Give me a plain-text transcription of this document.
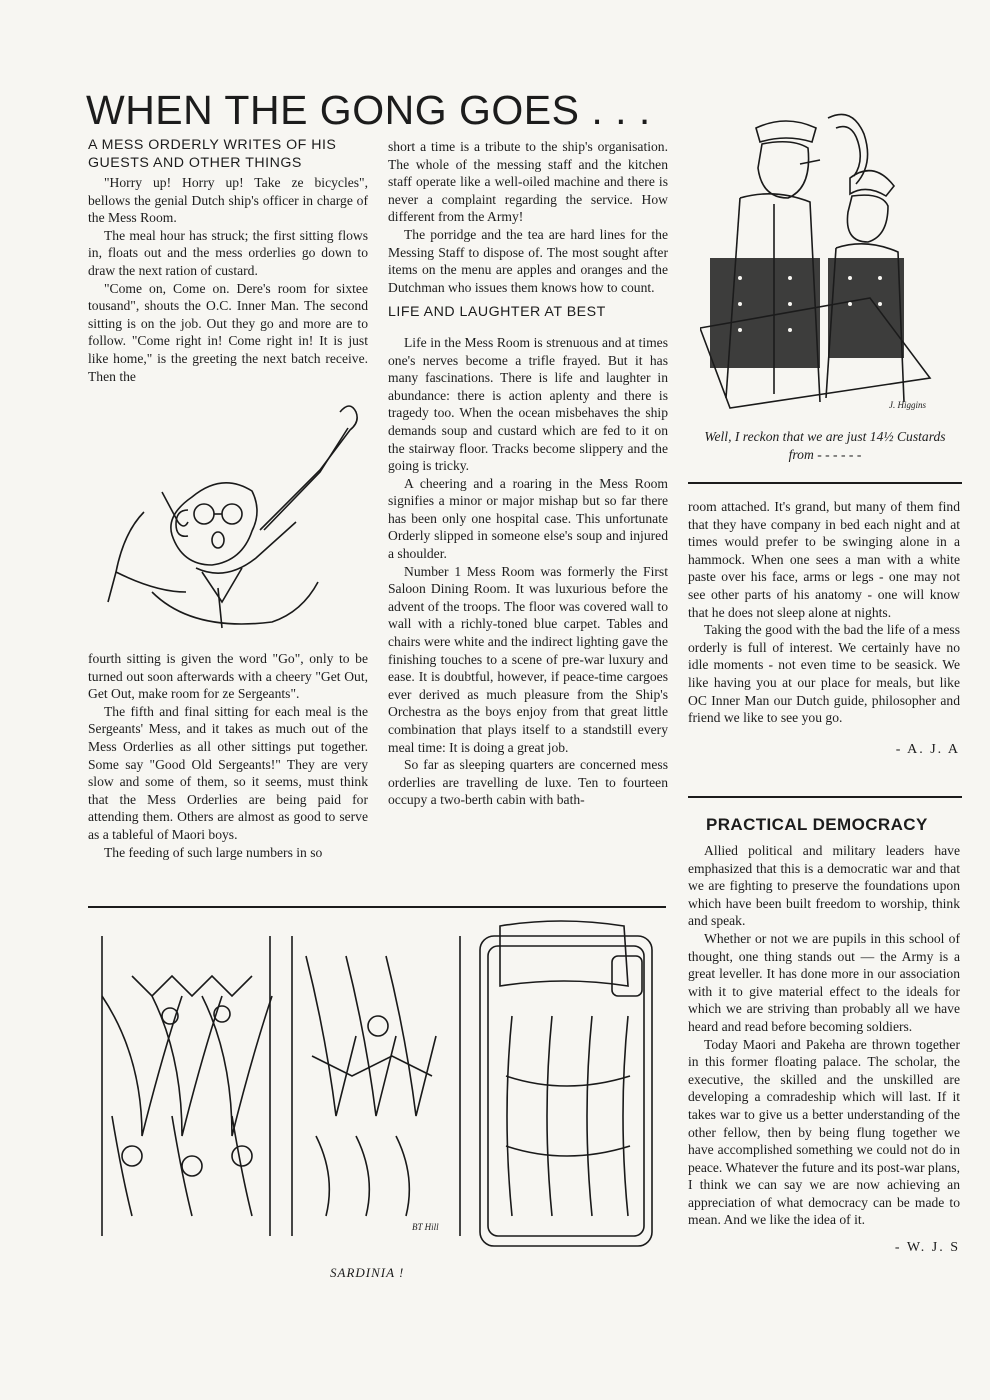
WHEN THE GONG GOES . . .
A MESS ORDERLY WRITES OF HIS GUESTS AND OTHER THINGS

"Horry up! Horry up! Take ze bicycles", bellows the genial Dutch ship's officer in charge of the Mess Room.

The meal hour has struck; the first sitting flows in, floats out and the mess orderlies go down to draw the next ration of custard.

"Come on, Come on. Dere's room for sixtee tousand", shouts the O.C. Inner Man. The second sitting is on the job. Out they go and more are to follow. "Come right in! Come right in! It is just like home," is the greeting the next batch receive. Then the

fourth sitting is given the word "Go", only to be turned out soon afterwards with a cheery "Get Out, Get Out, make room for ze Sergeants".

The fifth and final sitting for each meal is the Sergeants' Mess, and it takes as much out of the Mess Orderlies as all other sittings put together. Some say "Good Old Sergeants!" They are very slow and some of them, so it seems, must think that the Mess Orderlies are being paid for attending them. Others are almost as good to serve as a tableful of Maori boys.

The feeding of such large numbers in so

short a time is a tribute to the ship's organisation. The whole of the messing staff and the kitchen staff operate like a well-oiled machine and there is never a complaint regarding the service. How different from the Army!

The porridge and the tea are hard lines for the Messing Staff to dispose of. The most sought after items on the menu are apples and oranges and the Dutchman who issues them knows how to count.

LIFE AND LAUGHTER AT BEST

Life in the Mess Room is strenuous and at times one's nerves become a trifle frayed. But it has many fascinations. There is life and laughter in abundance: there is action aplenty and there is tragedy too. When the ocean misbehaves the ship demands soup and custard which are fed to it on the stairway floor. Tracks become slippery and the going is tricky.

A cheering and a roaring in the Mess Room signifies a minor or major mishap but so far there has been only one hospital case. This unfortunate Orderly slipped in someone else's soup and injured a shoulder.

Number 1 Mess Room was formerly the First Saloon Dining Room. It was luxurious before the advent of the troops. The floor was covered wall to wall with a richly-toned blue carpet. Tables and chairs were white and the indirect lighting gave the finishing touches to a scene of pre-war luxury and ease. It is doubtful, however, if peace-time cargoes ever derived as much pleasure from the Ship's Orchestra as the boys enjoy from that great little combination that plays itself to a standstill every meal time: It is doing a great job.

So far as sleeping quarters are concerned mess orderlies are travelling de luxe. Ten to fourteen occupy a two-berth cabin with bath-

J. Higgins
Well, I reckon that we are just 14½ Custards from - - - - - -

room attached. It's grand, but many of them find that they have company in bed each night and at times would prefer to be swinging alone in a hammock. When one sees a man with a white paste over his face, arms or legs - one may not see other parts of his anatomy - one will know that he does not sleep alone at nights.

Taking the good with the bad the life of a mess orderly is full of interest. We certainly have no idle moments - not even time to be seasick. We like having you at our place for meals, but like OC Inner Man our Dutch guide, philosopher and friend we like to see you go.

- A. J. A
PRACTICAL DEMOCRACY

Allied political and military leaders have emphasized that this is a democratic war and that we are fighting to preserve the foundations upon which have been built freedom to worship, think and speak.

Whether or not we are pupils in this school of thought, one thing stands out — the Army is a great leveller. It has done more in our association with it to give material effect to the ideals for which we are striving than probably all we have heard and read before becoming soldiers.

Today Maori and Pakeha are thrown together in this former floating palace. The scholar, the executive, the skilled and the unskilled are developing a comradeship which will last. If it takes war to give us a better understanding of the other fellow, then by being flung together we have accomplished something we could not do in peace. Whatever the future and its post-war plans, I think we can say we are now achieving an appreciation of what democracy can be made to mean. And we like the idea of it.

- W. J. S
BT Hill
SARDINIA !
